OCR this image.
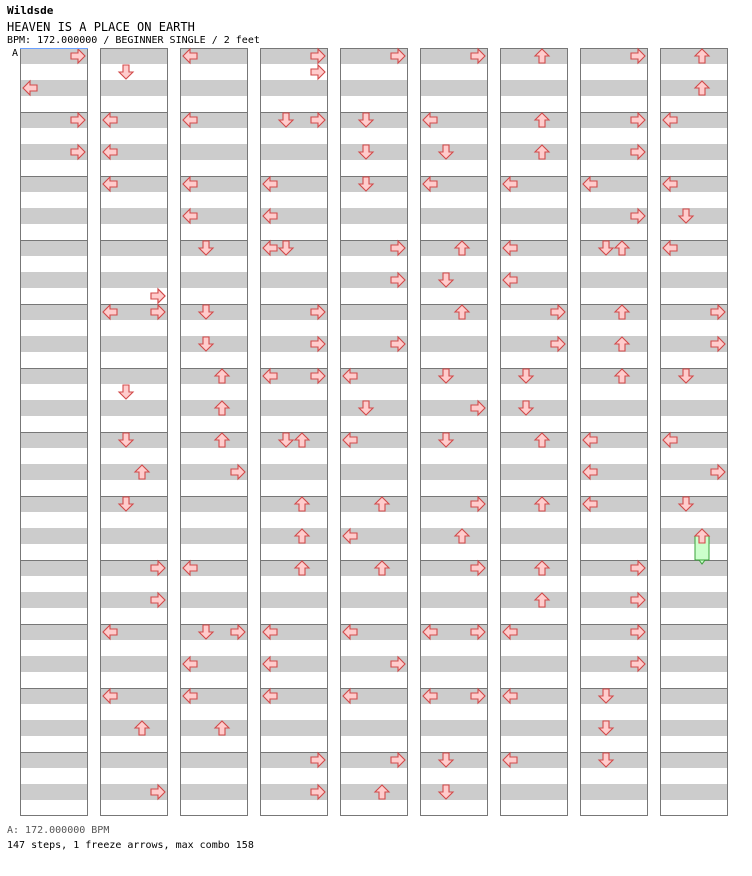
Wildsde
HEAVEN IS A PLACE ON EARTH
BPM: 172.000000 / BEGINNER SINGLE / 2 feet
A
A: 172.000000 BPM
147 steps, 1 freeze arrows, max combo 158
